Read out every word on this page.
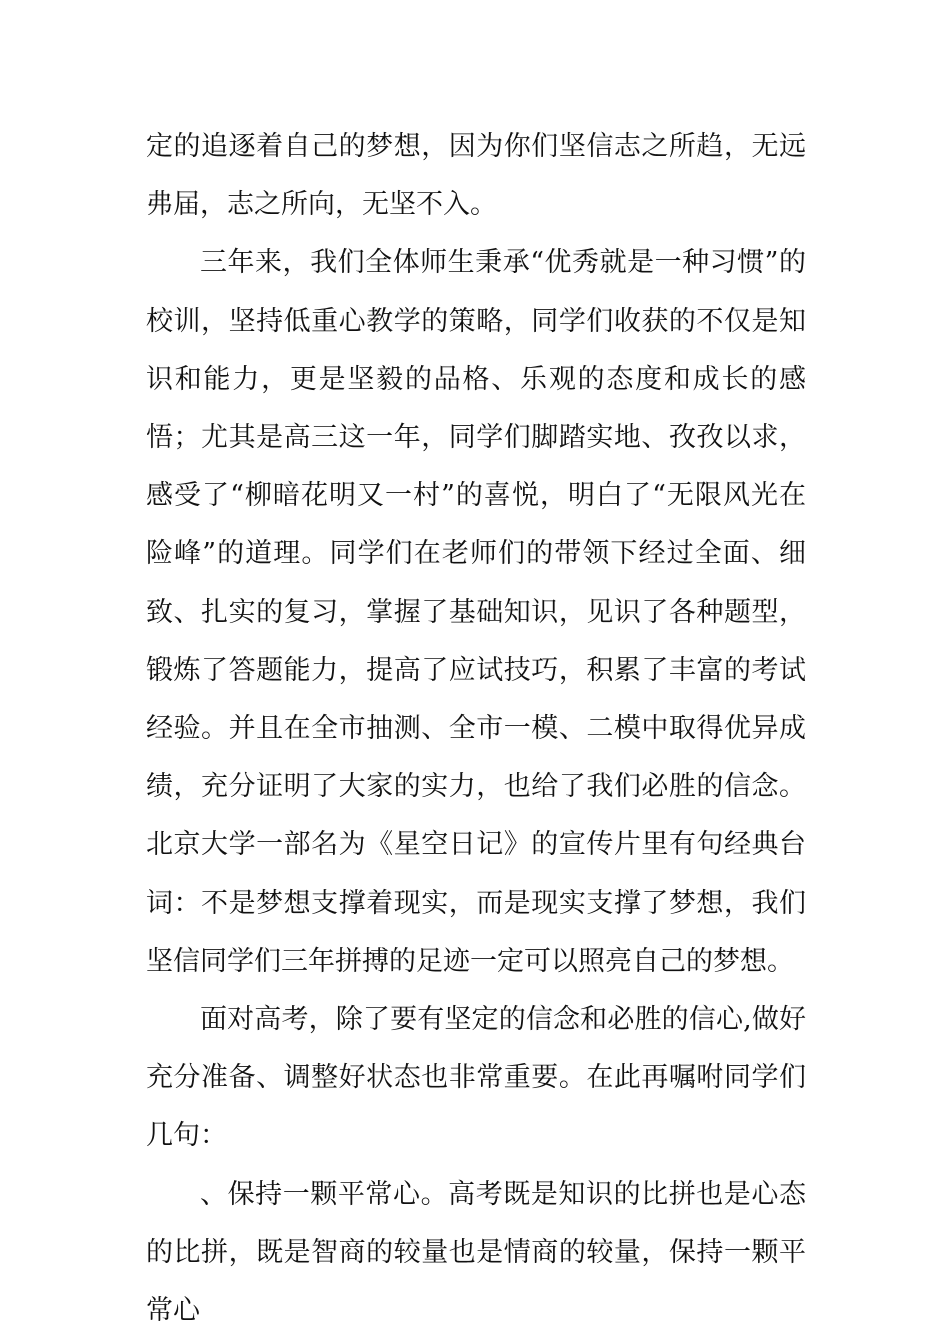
定的追逐着自己的梦想，因为你们坚信志之所趋，无远弗届，志之所向，无坚不入。

三年来，我们全体师生秉承“优秀就是一种习惯”的校训，坚持低重心教学的策略，同学们收获的不仅是知识和能力，更是坚毅的品格、乐观的态度和成长的感悟；尤其是高三这一年，同学们脚踏实地、孜孜以求，感受了“柳暗花明又一村”的喜悦，明白了“无限风光在险峰”的道理。同学们在老师们的带领下经过全面、细致、扎实的复习，掌握了基础知识，见识了各种题型，锻炼了答题能力，提高了应试技巧，积累了丰富的考试经验。并且在全市抽测、全市一模、二模中取得优异成绩，充分证明了大家的实力，也给了我们必胜的信念。北京大学一部名为《星空日记》的宣传片里有句经典台词：不是梦想支撑着现实，而是现实支撑了梦想，我们坚信同学们三年拼搏的足迹一定可以照亮自己的梦想。

面对高考，除了要有坚定的信念和必胜的信心,做好充分准备、调整好状态也非常重要。在此再嘱咐同学们几句：

、保持一颗平常心。高考既是知识的比拼也是心态的比拼，既是智商的较量也是情商的较量，保持一颗平常心
